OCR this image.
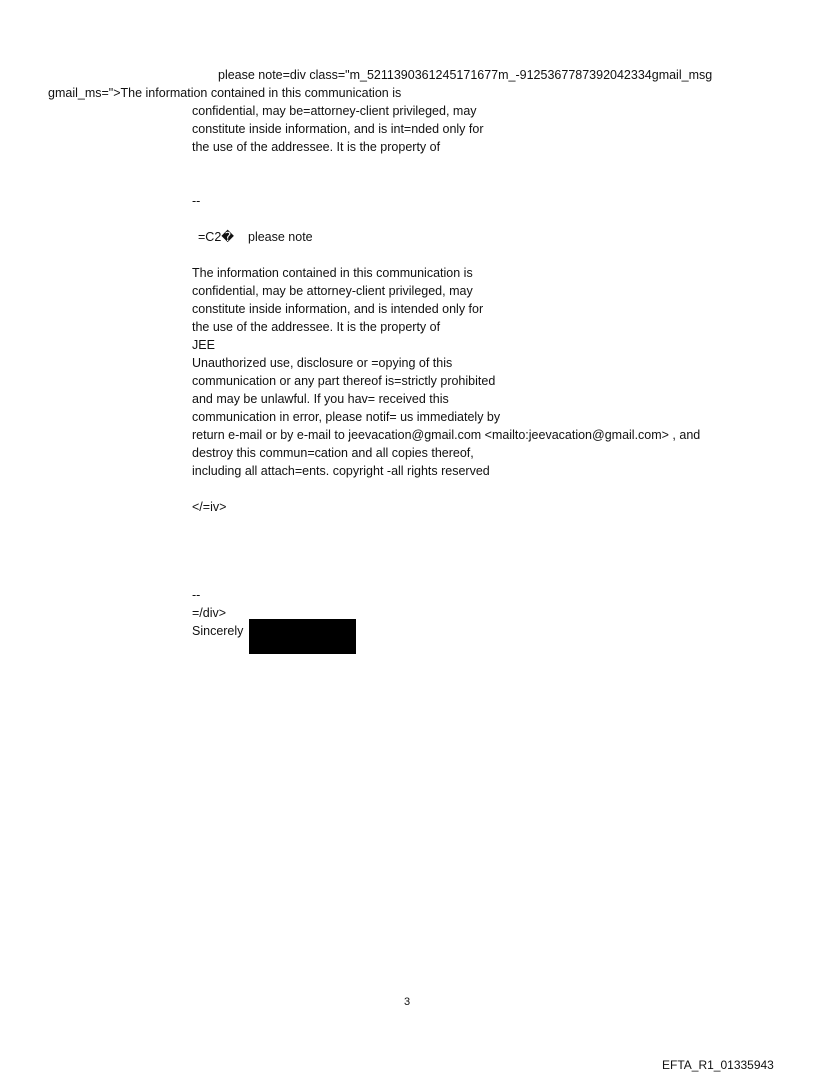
please note=div class="m_5211390361245171677m_-9125367787392042334gmail_msg
gmail_ms=">The information contained in this communication is
confidential, may be=attorney-client privileged, may
constitute inside information, and is int=nded only for
the use of the addressee. It is the property of
--
=C2�    please note
The information contained in this communication is
confidential, may be attorney-client privileged, may
constitute inside information, and is intended only for
the use of the addressee. It is the property of
JEE
Unauthorized use, disclosure or =opying of this
communication or any part thereof is=strictly prohibited
and may be unlawful. If you hav= received this
communication in error, please notif= us immediately by
return e-mail or by e-mail to jeevacation@gmail.com <mailto:jeevacation@gmail.com> , and
destroy this commun=cation and all copies thereof,
including all attach=ents. copyright -all rights reserved
</=iv>
--
=/div>
Sincerely
3
EFTA_R1_01335943
